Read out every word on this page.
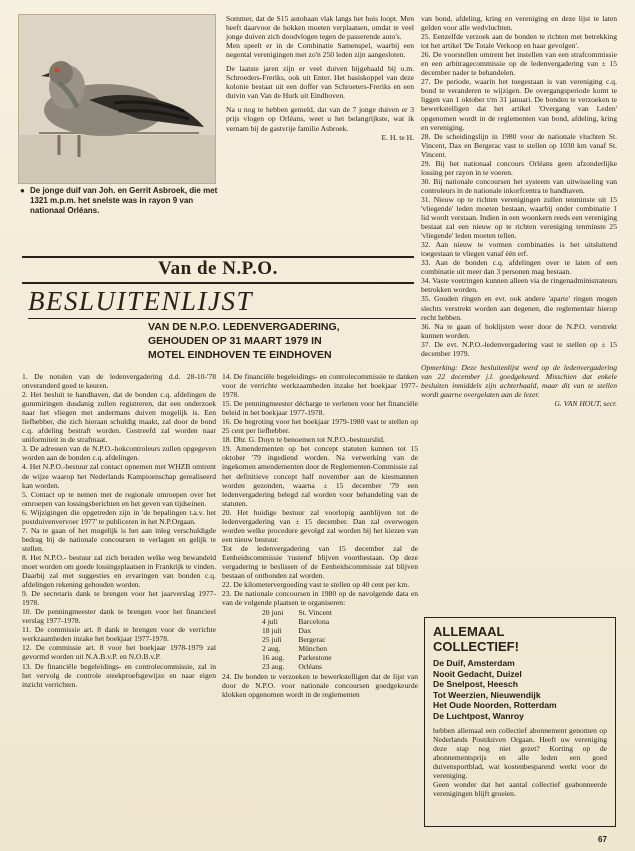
● De jonge duif van Joh. en Gerrit Asbroek, die met 1321 m.p.m. het snelste was in rayon 9 van nationaal Orléans.

Sommer, dat de S15 autobaan vlak langs het huis loopt. Men heeft daarvoor de hokken moeten verplaatsen, omdat te veel jonge duiven zich doodvlogen tegen de passerende auto's.

Men speelt er in de Combinatie Samenspel, waarbij een negental verenigingen met zo'n 250 leden zijn aangesloten.

De laatste jaren zijn er veel duiven bijgehaald bij o.m. Schroeders-Freriks, ook uit Enter. Het basiskoppel van deze kolonie bestaat uit een doffer van Schroeters-Freriks en een duivin van Van de Hurk uit Eindhoven.

Na u nog te hebben gemeld, dat van de 7 jonge duiven er 3 prijs vlogen op Orléans, weet u het belangrijkste, wat ik vernam bij de gastvrije familie Asbroek.

E. H. te H.

Van de N.P.O.
BESLUITENLIJST
VAN DE N.P.O. LEDENVERGADERING,
GEHOUDEN OP 31 MAART 1979 IN
MOTEL EINDHOVEN TE EINDHOVEN

1. De notulen van de ledenvergadering d.d. 28-10-'78 onveranderd goed te keuren.

2. Het besluit te handhaven, dat de bonden c.q. afdelingen de gummiringen dusdanig zullen registreren, dat een onderzoek naar het vliegen met andermans duiven mogelijk is. Een liefhebber, die zich hieraan schuldig maakt, zal door de bond c.q. afdeling bestraft worden. Gestreefd zal worden naar uniformiteit in de strafmaat.

3. De adressen van de N.P.O.-hokcontroleurs zullen opgegeven worden aan de bonden c.q. afdelingen.

4. Het N.P.O.-bestuur zal contact opnemen met WHZB omtrent de wijze waarop het Nederlands Kampioenschap gerealiseerd kan worden.

5. Contact op te nemen met de regionale omroepen over het omroepen van lossingsberichten en het geven van tijdseinen.

6. Wijzigingen die opgetreden zijn in 'de bepalingen t.a.v. het postduivenvervoer 1977' te publiceren in het N.P.Orgaan.

7. Na te gaan of het mogelijk is het aan inleg verschuldigde bedrag bij de nationale concoursen te verlagen en gelijk te stellen.

8. Het N.P.O.- bestuur zal zich beraden welke weg bewandeld moet worden om goede lossingsplaatsen in Frankrijk te vinden. Daarbij zal met suggesties en ervaringen van bonden c.q. afdelingen rekening gehouden worden.

9. De secretaris dank te brengen voor het jaarverslag 1977-1978.

10. De penningmeester dank te brengen voor het financieel verslag 1977-1978.

11. De commissie art. 8 dank te brengen voor de verrichte werkzaamheden inzake het boekjaar 1977-1978.

12. De commissie art. 8 voor het boekjaar 1978-1979 zal gevormd worden uit N.A.B.v.P. en N.O.B.v.P.

13. De financiële begeleidings- en controlecommissie, zal in het vervolg de controle steekproefsgewijze en naar eigen inzicht verrichten.

14. De financiële begeleidings- en controlecommissie te danken voor de verrichte werkzaamheden inzake het boekjaar 1977-1978.

15. De penningmeester décharge te verlenen voor het financiële beleid in het boekjaar 1977-1978.

16. De begroting voor het boekjaar 1979-1980 vast te stellen op 25 cent per liefhebber.

18. Dhr. G. Duyn te benoemen tot N.P.O.-bestuurslid.

19. Amendementen op het concept statuten kunnen tot 15 oktober '79 ingediend worden. Na verwerking van de ingekomen amendementen door de Reglementen-Commissie zal het definitieve concept half november aan de kiesmannen worden gezonden, waarna ± 15 december '79 een ledenvergadering belegd zal worden voor behandeling van de statuten.

20. Het huidige bestuur zal voorlopig aanblijven tot de ledenvergadering van ± 15 december. Dan zal overwogen worden welke procedure gevolgd zal worden bij het kiezen van een nieuw bestuur.

Tot de ledenvergadering van 15 december zal de Eenheidscommissie 'rustend' blijven voortbestaan. Op deze vergadering te beslissen of de Eenheidscommissie zal blijven bestaan of ontbonden zal worden.

22. De kilometervergoeding vast te stellen op 40 cent per km.

23. De nationale concoursen in 1980 op de navolgende data en van de volgende plaatsen te organiseren:

20 juni	St. Vincent
4 juli	Barcelona
18 juli	Dax
25 juli	Bergerac
2 aug.	München
16 aug.	Parkestone
23 aug.	Orléans

24. De bonden te verzoeken te bewerkstelligen dat de lijst van door de N.P.O. voor nationale concoursen goedgekeurde klokken opgenomen wordt in de reglementen

van bond, afdeling, kring en vereniging en deze lijst te laten gelden voor alle wedvluchten.

25. Eenzelfde verzoek aan de bonden te richten met betrekking tot het artikel 'De Totale Verkoop en haar gevolgen'.

26. De voorstellen omtrent het instellen van een strafcommissie en een arbitragecommissie op de ledenvergadering van ± 15 december nader te behandelen.

27. De periode, waarin het toegestaan is van vereniging c.q. bond te veranderen te wijzigen. De overgangsperiode komt te liggen van 1 oktober t/m 31 januari. De bonden te verzoeken te bewerkstelligen dat het artikel 'Overgang van Leden' opgenomen wordt in de reglementen van bond, afdeling, kring en vereniging.

28. De scheidingslijn in 1980 voor de nationale vluchten St. Vincent, Dax en Bergerac vast te stellen op 1030 km vanaf St. Vincent.

29. Bij het nationaal concours Orléans geen afzonderlijke lossing per rayon in te voeren.

30. Bij nationale concoursen het systeem van uitwisseling van controleurs in de nationale inkorfcentra te handhaven.

31. Nieuw op te richten verenigingen zullen tenminste uit 15 'vliegende' leden moeten bestaan, waarbij onder combinatie 1 lid wordt verstaan. Indien in een woonkern reeds een vereniging bestaat zal een nieuw op te richten vereniging tenminste 25 'vliegende' leden moeten tellen.

32. Aan nieuw te vormen combinaties is het uitsluitend toegestaan te vliegen vanaf één erf.

33. Aan de bonden c.q. afdelingen over te laten of een combinatie uit meer dan 3 personen mag bestaan.

34. Vaste voetringen kunnen alleen via de ringenadministrateurs betrokken worden.

35. Gouden ringen en evt. ook andere 'aparte' ringen mogen slechts verstrekt worden aan degenen, die reglementair hierop recht hebben.

36. Na te gaan of hoklijsten weer door de N.P.O. verstrekt kunnen worden.

37. De evt. N.P.O.-ledenvergadering vast te stellen op ± 15 december 1979.

Opmerking: Deze besluitenlijst werd op de ledenvergadering van 22 december j.l. goedgekeurd. Misschien dat enkele besluiten inmiddels zijn achterhaald, maar dit van te stellen wordt gaarne overgelaten aan de lezer.

G. VAN HOUT, secr.

ALLEMAAL
COLLECTIEF!
De Duif, Amsterdam
Nooit Gedacht, Duizel
De Snelpost, Heesch
Tot Weerzien, Nieuwendijk
Het Oude Noorden, Rotterdam
De Luchtpost, Wanroy

hebben allemaal een collectief abonnement genomen op Nederlands Postduiven Orgaan. Heeft uw vereniging deze stap nog niet gezet? Korting op de abonnementsprijs en alle leden een goed duivensportblad, wat kostenbesparend werkt voor de vereniging.

Geen wonder dat het aantal collectief geabonneerde verenigingen blijft groeien.

67
